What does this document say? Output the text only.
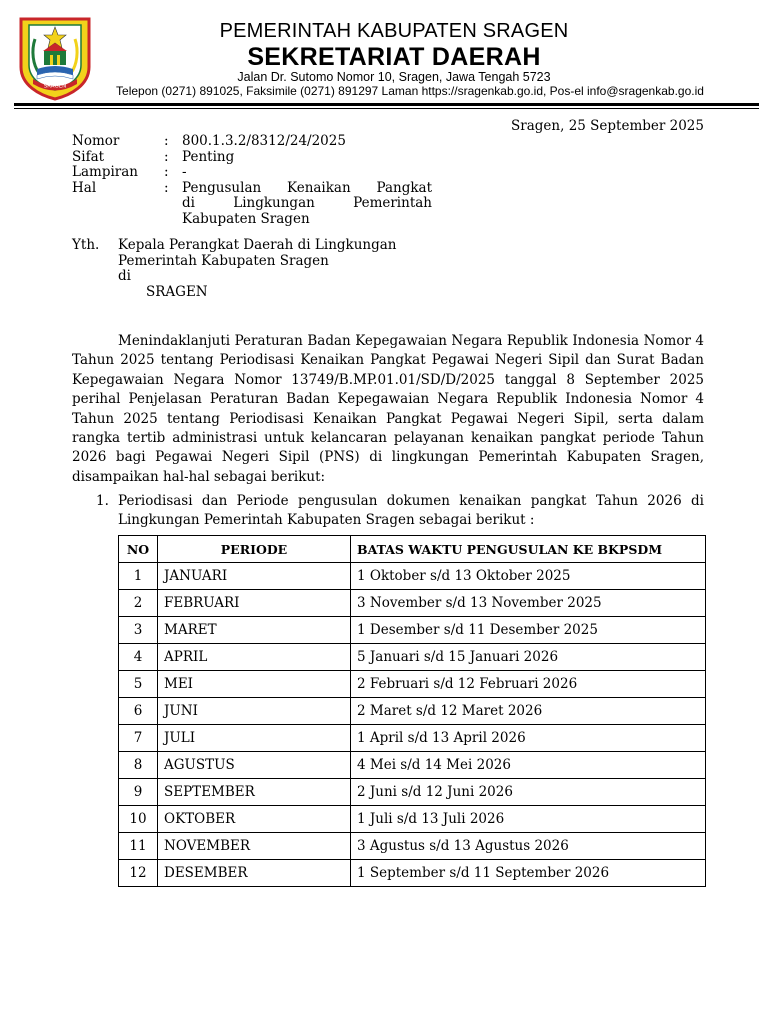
SRAGEN
PEMERINTAH KABUPATEN SRAGEN
SEKRETARIAT DAERAH
Jalan Dr. Sutomo Nomor 10, Sragen, Jawa Tengah 5723
Telepon (0271) 891025, Faksimile (0271) 891297 Laman https://sragenkab.go.id, Pos-el info@sragenkab.go.id
Sragen, 25 September 2025
Nomor	: 800.1.3.2/8312/24/2025
Sifat	: Penting
Lampiran	: -
Hal	: Pengusulan Kenaikan Pangkat
di Lingkungan Pemerintah
Kabupaten Sragen
Yth. Kepala Perangkat Daerah di Lingkungan
Pemerintah Kabupaten Sragen
di
SRAGEN

Menindaklanjuti Peraturan Badan Kepegawaian Negara Republik Indonesia Nomor 4 Tahun 2025 tentang Periodisasi Kenaikan Pangkat Pegawai Negeri Sipil dan Surat Badan Kepegawaian Negara Nomor 13749/B.MP.01.01/SD/D/2025 tanggal 8 September 2025 perihal Penjelasan Peraturan Badan Kepegawaian Negara Republik Indonesia Nomor 4 Tahun 2025 tentang Periodisasi Kenaikan Pangkat Pegawai Negeri Sipil, serta dalam rangka tertib administrasi untuk kelancaran pelayanan kenaikan pangkat periode Tahun 2026 bagi Pegawai Negeri Sipil (PNS) di lingkungan Pemerintah Kabupaten Sragen, disampaikan hal-hal sebagai berikut:

1. Periodisasi dan Periode pengusulan dokumen kenaikan pangkat Tahun 2026 di Lingkungan Pemerintah Kabupaten Sragen sebagai berikut :
NO	PERIODE	BATAS WAKTU PENGUSULAN KE BKPSDM
1	JANUARI	1 Oktober s/d 13 Oktober 2025
2	FEBRUARI	3 November s/d 13 November 2025
3	MARET	1 Desember s/d 11 Desember 2025
4	APRIL	5 Januari s/d 15 Januari 2026
5	MEI	2 Februari s/d 12 Februari 2026
6	JUNI	2 Maret s/d 12 Maret 2026
7	JULI	1 April s/d 13 April 2026
8	AGUSTUS	4 Mei s/d 14 Mei 2026
9	SEPTEMBER	2 Juni s/d 12 Juni 2026
10	OKTOBER	1 Juli s/d 13 Juli 2026
11	NOVEMBER	3 Agustus s/d 13 Agustus 2026
12	DESEMBER	1 September s/d 11 September 2026
